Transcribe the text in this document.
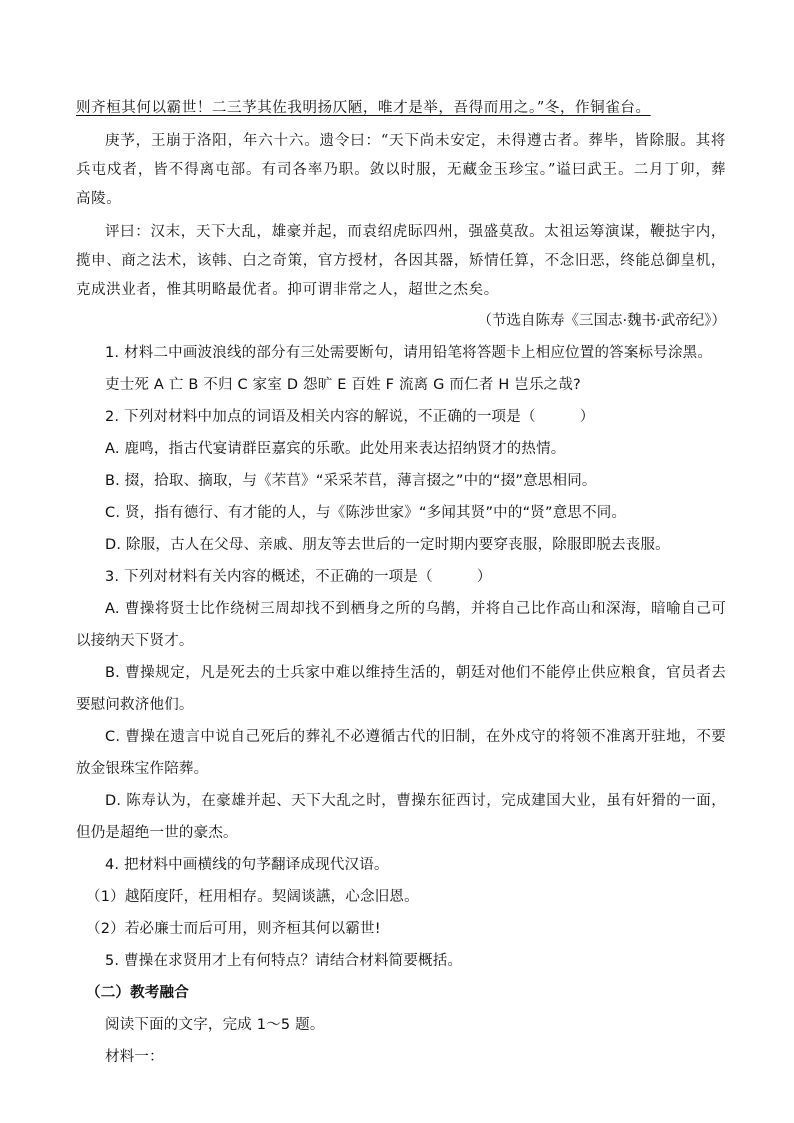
则齐桓其何以霸世！二三芧其佐我明扬仄陋，唯才是举，吾得而用之。”冬，作铜雀台。

庚芧，王崩于洛阳，年六十六。遗令曰：“天下尚未安定，未得遵古者。葬毕，皆除服。其将兵屯戍者，皆不得离屯部。有司各率乃职。敛以时服，无藏金玉珍宝。”谥曰武王。二月丁卯，葬高陵。

评曰：汉末，天下大乱，雄豪并起，而袁绍虎眎四州，强盛莫敌。太祖运筹演谋，鞭挞宇内，揽申、商之法术，该韩、白之奇策，官方授材，各因其器，矫情任算，不念旧恶，终能总御皇机，克成洪业者，惟其明略最优者。抑可谓非常之人，超世之杰矣。

（节选自陈寿《三国志·魏书·武帝纪》）

1. 材料二中画波浪线的部分有三处需要断句，请用铅笔将答题卡上相应位置的答案标号涂黑。

吏士死 A 亡 B 不归 C 家室 D 怨旷 E 百姓 F 流离 G 而仁者 H 岂乐之哉?

2. 下列对材料中加点的词语及相关内容的解说，不正确的一项是（　　　）

A. 鹿鸣，指古代宴请群臣嘉宾的乐歌。此处用来表达招纳贤才的热情。

B. 掇，拾取、摘取，与《芣苢》“采采芣苢，薄言掇之”中的“掇”意思相同。

C. 贤，指有德行、有才能的人，与《陈涉世家》“多闻其贤”中的“贤”意思不同。

D. 除服，古人在父母、亲戚、朋友等去世后的一定时期内要穿丧服，除服即脱去丧服。

3. 下列对材料有关内容的概述，不正确的一项是（　　　）

A. 曹操将贤士比作绕树三周却找不到栖身之所的乌鹊，并将自己比作高山和深海，暗喻自己可以接纳天下贤才。

B. 曹操规定，凡是死去的士兵家中难以维持生活的，朝廷对他们不能停止供应粮食，官员者去要慰问救济他们。

C. 曹操在遗言中说自己死后的葬礼不必遵循古代的旧制，在外戍守的将领不准离开驻地，不要放金银珠宝作陪葬。

D. 陈寿认为，在豪雄并起、天下大乱之时，曹操东征西讨，完成建国大业，虽有奸猾的一面，但仍是超绝一世的豪杰。

4. 把材料中画横线的句芧翻译成现代汉语。

（1）越陌度阡，枉用相存。契阔谈讌，心念旧恩。

（2）若必廉士而后可用，则齐桓其何以霸世!

5. 曹操在求贤用才上有何特点？请结合材料简要概括。

（二）教考融合

阅读下面的文字，完成 1～5 题。

材料一：
